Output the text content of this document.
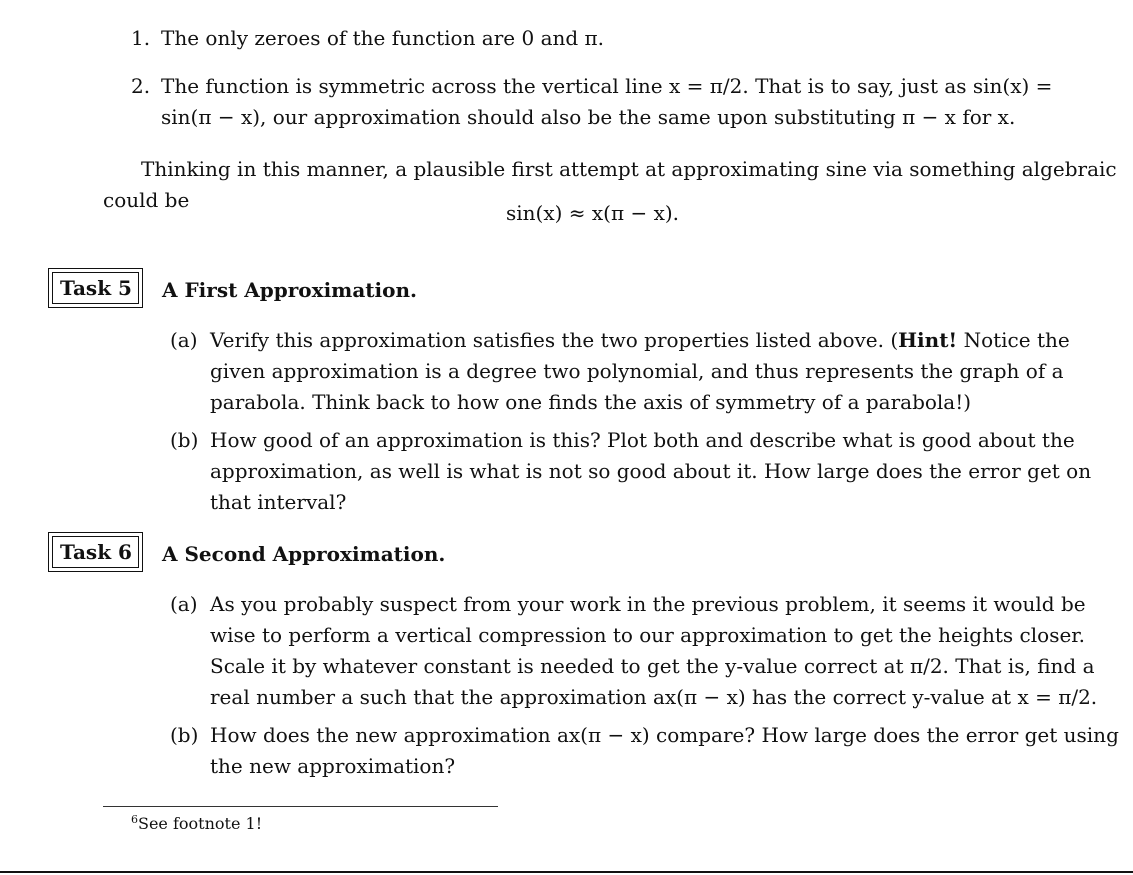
1. The only zeroes of the function are 0 and π.
2. The function is symmetric across the vertical line x = π/2. That is to say, just as sin(x) =
sin(π − x), our approximation should also be the same upon substituting π − x for x.
Thinking in this manner, a plausible first attempt at approximating sine via something algebraic
could be
sin(x) ≈ x(π − x).
Task 5	A First Approximation.
(a) Verify this approximation satisfies the two properties listed above. (Hint! Notice the
given approximation is a degree two polynomial, and thus represents the graph of a
parabola. Think back to how one finds the axis of symmetry of a parabola!)
(b) How good of an approximation is this? Plot both and describe what is good about the
approximation, as well is what is not so good about it. How large does the error get on
that interval?
Task 6	A Second Approximation.
(a) As you probably suspect from your work in the previous problem, it seems it would be
wise to perform a vertical compression to our approximation to get the heights closer.
Scale it by whatever constant is needed to get the y-value correct at π/2. That is, find a
real number a such that the approximation ax(π − x) has the correct y-value at x = π/2.
(b) How does the new approximation ax(π − x) compare? How large does the error get using
the new approximation?
$^6$See footnote 1!
